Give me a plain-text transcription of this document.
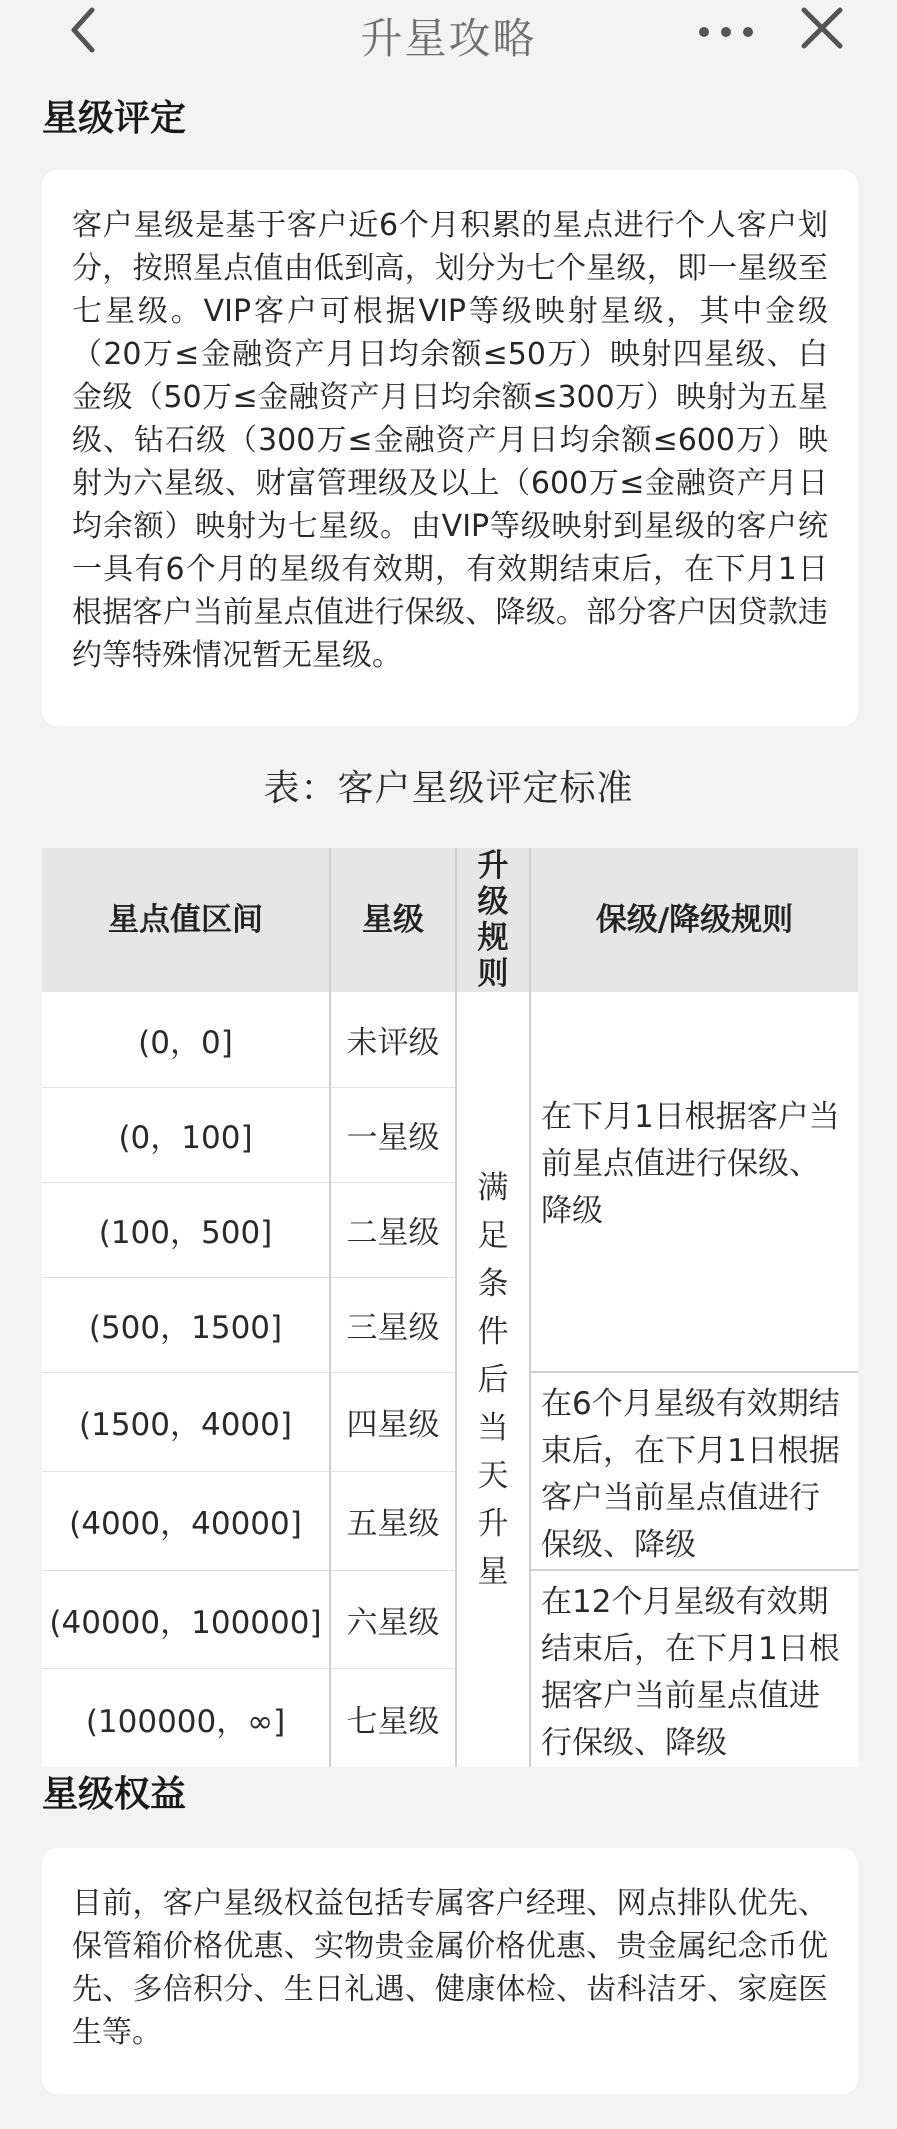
升星攻略
星级评定

客户星级是基于客户近6个月积累的星点进行个人客户划分，按照星点值由低到高，划分为七个星级，即一星级至七星级。VIP客户可根据VIP等级映射星级，其中金级（20万≤金融资产月日均余额≤50万）映射四星级、白金级（50万≤金融资产月日均余额≤300万）映射为五星级、钻石级（300万≤金融资产月日均余额≤600万）映射为六星级、财富管理级及以上（600万≤金融资产月日均余额）映射为七星级。由VIP等级映射到星级的客户统一具有6个月的星级有效期，有效期结束后，在下月1日根据客户当前星点值进行保级、降级。部分客户因贷款违约等特殊情况暂无星级。

表：客户星级评定标准
星点值区间	星级	升级规则	保级/降级规则
(0，0]	未评级	满足条件后当天升星	在下月1日根据客户当前星点值进行保级、降级
(0，100]	一星级		
(100，500]	二星级		
(500，1500]	三星级		
(1500，4000]	四星级		在6个月星级有效期结束后，在下月1日根据客户当前星点值进行保级、降级
(4000，40000]	五星级		
(40000，100000]	六星级		在12个月星级有效期结束后，在下月1日根据客户当前星点值进行保级、降级
(100000，∞]	七星级		
星级权益

目前，客户星级权益包括专属客户经理、网点排队优先、保管箱价格优惠、实物贵金属价格优惠、贵金属纪念币优先、多倍积分、生日礼遇、健康体检、齿科洁牙、家庭医生等。
